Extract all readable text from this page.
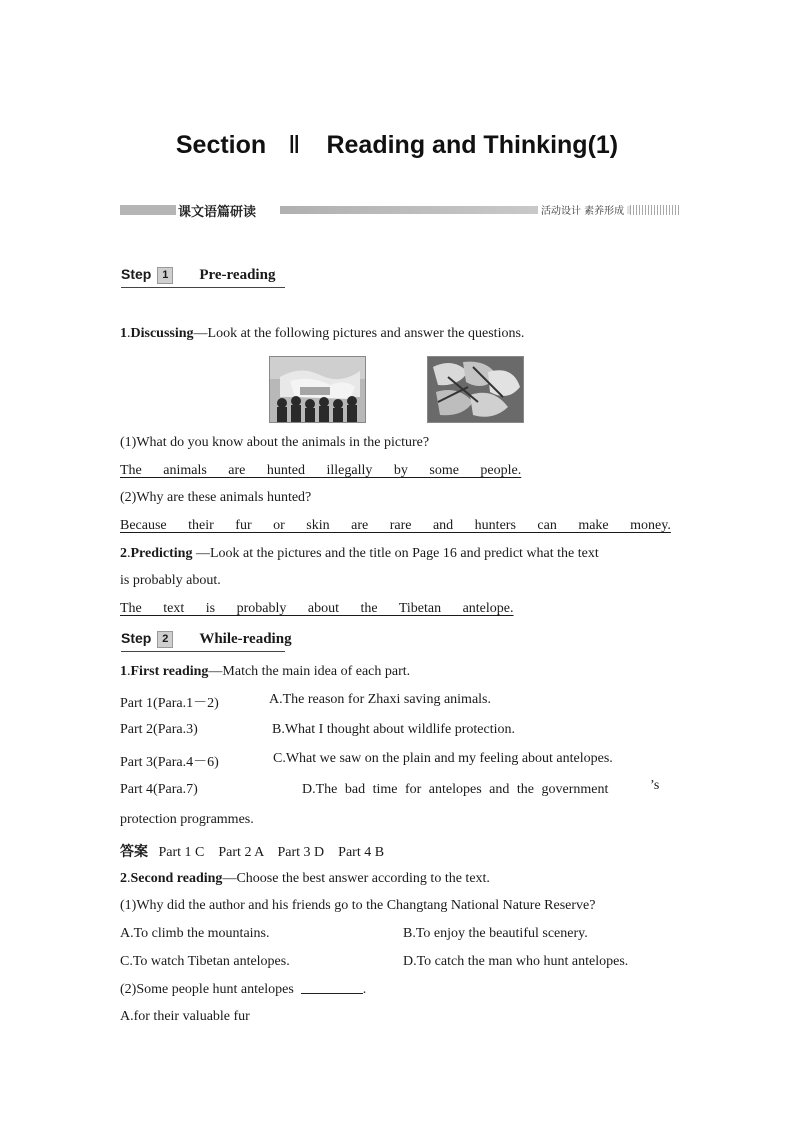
Section Ⅱ Reading and Thinking(1)
课文语篇研读	活动设计 素养形成
Step 1 Pre-reading
1.Discussing—Look at the following pictures and answer the questions.
(1)What do you know about the animals in the picture?
The animals are hunted illegally by some people.
(2)Why are these animals hunted?
Because their fur or skin are rare and hunters can make money.
2.Predicting —Look at the pictures and the title on Page 16 and predict what the text
is probably about.
The text is probably about the Tibetan antelope.
Step 2 While-reading
1.First reading—Match the main idea of each part.
Part 1(Para.1－2)	A.The reason for Zhaxi saving animals.
Part 2(Para.3)	B.What I thought about wildlife protection.
Part 3(Para.4－6)	C.What we saw on the plain and my feeling about antelopes.
Part 4(Para.7)	D.The bad time for antelopes and the government	’s
protection programmes.
答案 Part 1 C    Part 2 A    Part 3 D    Part 4 B
2.Second reading—Choose the best answer according to the text.
(1)Why did the author and his friends go to the Changtang National Nature Reserve?
A.To climb the mountains.	B.To enjoy the beautiful scenery.
C.To watch Tibetan antelopes.	D.To catch the man who hunt antelopes.
(2)Some people hunt antelopes	.
A.for their valuable fur
